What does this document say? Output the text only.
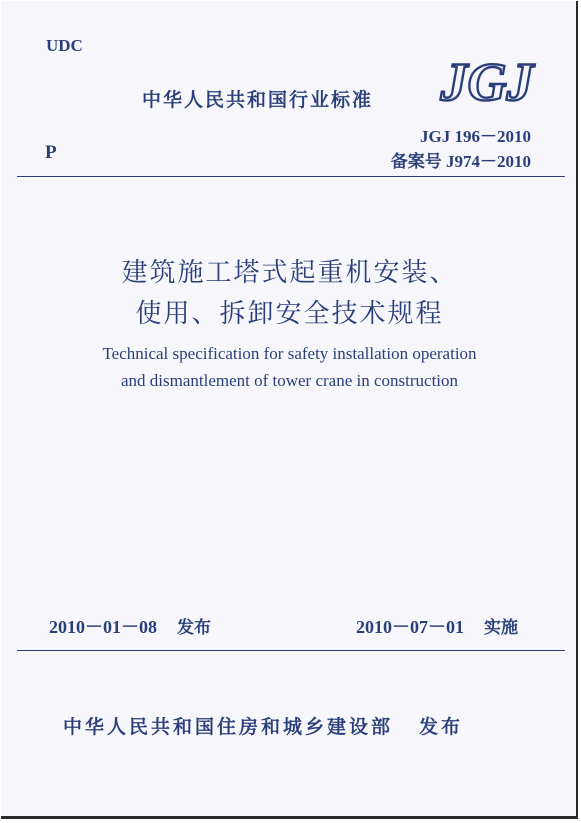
UDC
中华人民共和国行业标准 JGJ
JGJ 196－2010
P	备案号 J974－2010
建筑施工塔式起重机安装、
使用、拆卸安全技术规程
Technical specification for safety installation operation
and dismantlement of tower crane in construction
2010－01－08 发布	2010－07－01 实施
中华人民共和国住房和城乡建设部 发布
